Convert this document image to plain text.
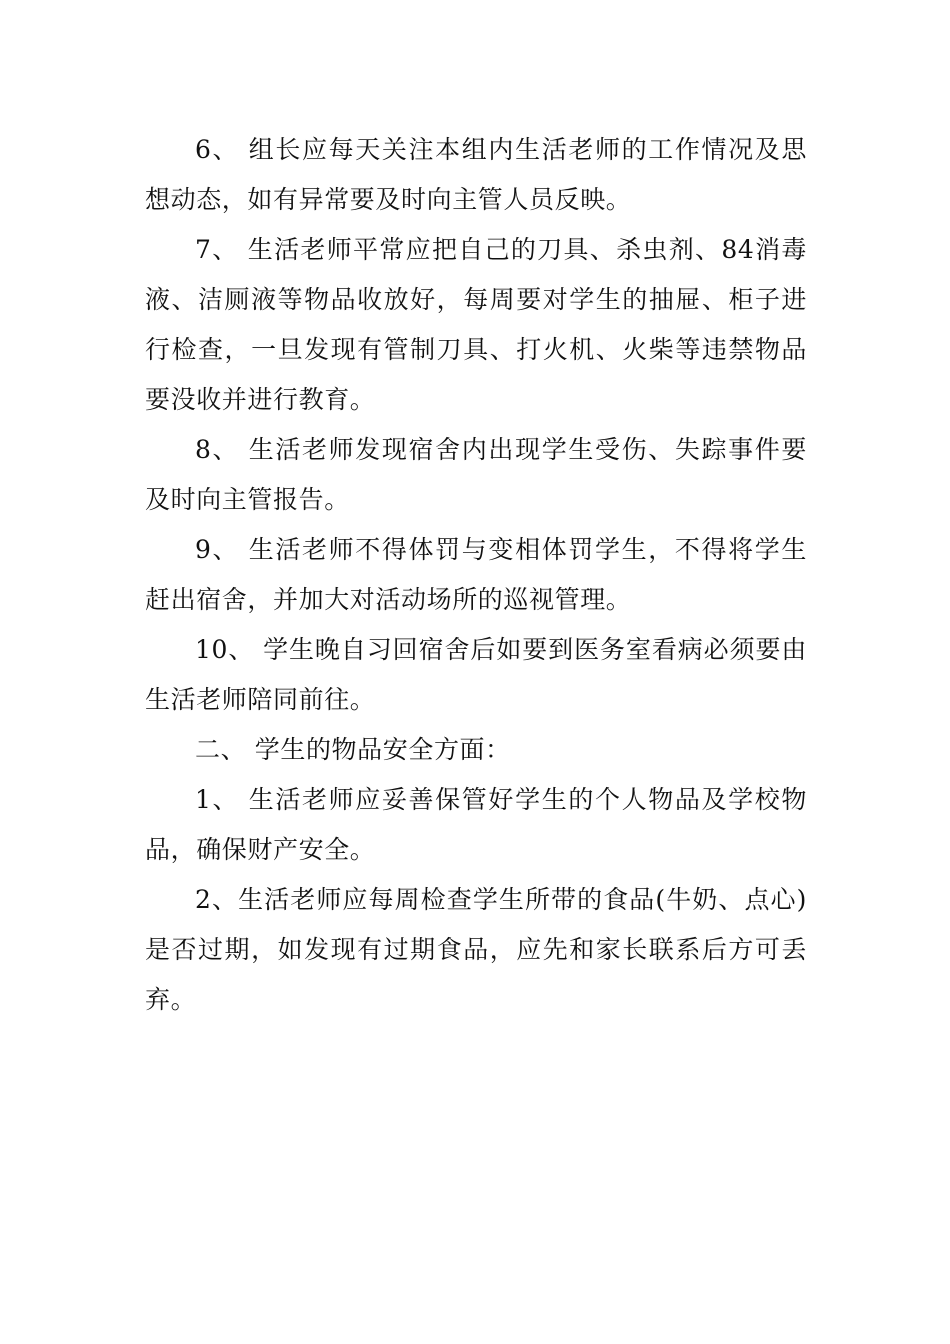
6、 组长应每天关注本组内生活老师的工作情况及思想动态，如有异常要及时向主管人员反映。

7、 生活老师平常应把自己的刀具、杀虫剂、84消毒液、洁厕液等物品收放好，每周要对学生的抽屉、柜子进行检查，一旦发现有管制刀具、打火机、火柴等违禁物品要没收并进行教育。

8、 生活老师发现宿舍内出现学生受伤、失踪事件要及时向主管报告。

9、 生活老师不得体罚与变相体罚学生，不得将学生赶出宿舍，并加大对活动场所的巡视管理。

10、 学生晚自习回宿舍后如要到医务室看病必须要由生活老师陪同前往。

二、 学生的物品安全方面：

1、 生活老师应妥善保管好学生的个人物品及学校物品，确保财产安全。

2、生活老师应每周检查学生所带的食品(牛奶、点心)是否过期，如发现有过期食品，应先和家长联系后方可丢弃。
